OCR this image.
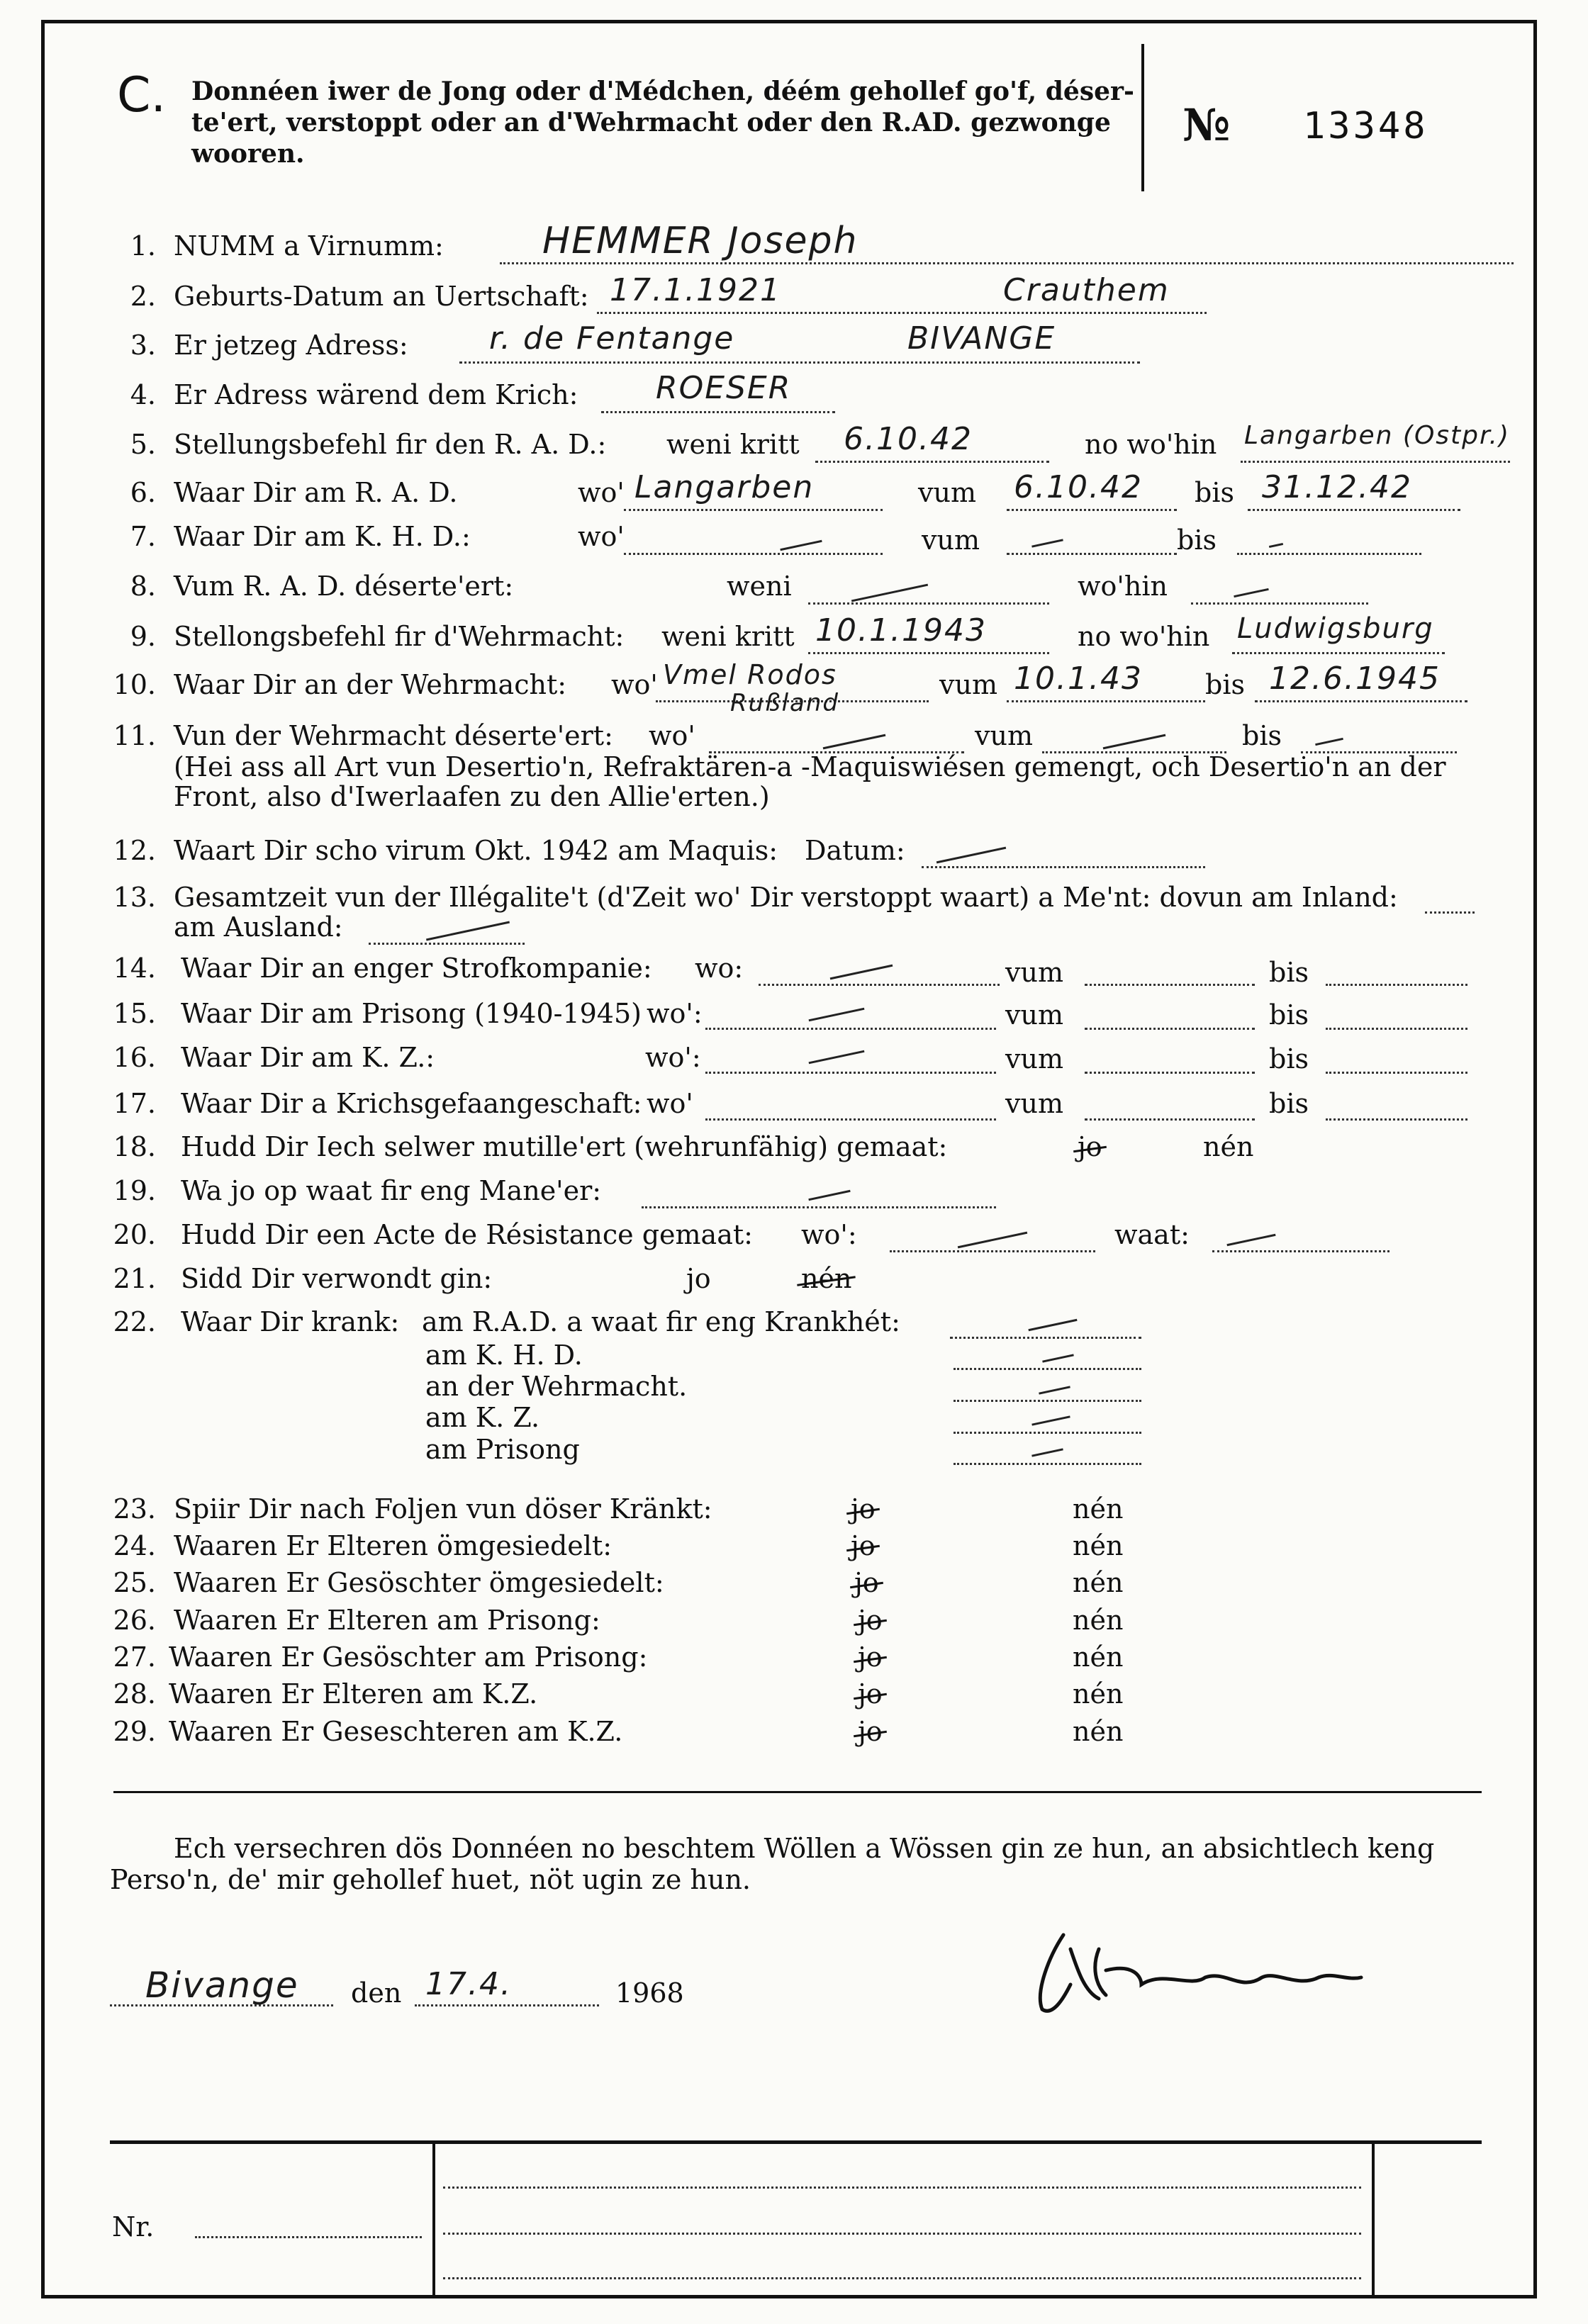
C. Donnéen iwer de Jong oder d'Médchen, déém gehollef go'f, déser-
te'ert, verstoppt oder an d'Wehrmacht oder den R.AD. gezwonge
wooren.
№ 13348
1. NUMM a Virnumm:	HEMMER Joseph
2. Geburts-Datum an Uertschaft: 17.1.1921	Crauthem
3. Er jetzeg Adress:	r. de Fentange	BIVANGE
4. Er Adress wärend dem Krich: ROESER
5. Stellungsbefehl fir den R. A. D.: weni kritt 6.10.42	no wo'hin Langarben (Ostpr.)
6. Waar Dir am R. A. D.	wo' Langarben	vum 6.10.42 bis 31.12.42
7. Waar Dir am K. H. D.:	wo'	vum	bis
8. Vum R. A. D. déserte'ert:	weni	wo'hin
9. Stellongsbefehl fir d'Wehrmacht: weni kritt 10.1.1943	no wo'hin Ludwigsburg
10. Waar Dir an der Wehrmacht: wo' Vmel Rodos
Rußland
vum 10.1.43 bis 12.6.1945
11. Vun der Wehrmacht déserte'ert: wo'	vum	bis
(Hei ass all Art vun Desertio'n, Refraktären-a -Maquiswiésen gemengt, och Desertio'n an der
Front, also d'Iwerlaafen zu den Allie'erten.)
12. Waart Dir scho virum Okt. 1942 am Maquis: Datum:
13. Gesamtzeit vun der Illégalite't (d'Zeit wo' Dir verstoppt waart) a Me'nt: dovun am Inland:
am Ausland:
14. Waar Dir an enger Strofkompanie: wo:	vum	bis
15. Waar Dir am Prisong (1940-1945) wo':	vum	bis
16. Waar Dir am K. Z.:	wo':	vum	bis
17. Waar Dir a Krichsgefaangeschaft: wo'	vum	bis
18. Hudd Dir Iech selwer mutille'ert (wehrunfähig) gemaat:	jo	nén
19. Wa jo op waat fir eng Mane'er:
20. Hudd Dir een Acte de Résistance gemaat: wo':	waat:
21. Sidd Dir verwondt gin:	jo	nén
22. Waar Dir krank: am R.A.D. a waat fir eng Krankhét:
am K. H. D.
an der Wehrmacht.
am K. Z.
am Prisong
23. Spiir Dir nach Foljen vun döser Kränkt:	jo	nén
24. Waaren Er Elteren ömgesiedelt:	jo	nén
25. Waaren Er Gesöschter ömgesiedelt:	jo	nén
26. Waaren Er Elteren am Prisong:	jo	nén
27. Waaren Er Gesöschter am Prisong:	jo	nén
28. Waaren Er Elteren am K.Z.	jo	nén
29. Waaren Er Geseschteren am K.Z.	jo	nén
Ech versechren dös Donnéen no beschtem Wöllen a Wössen gin ze hun, an absichtlech keng
Perso'n, de' mir gehollef huet, nöt ugin ze hun.
Bivange den 17.4.	1968
Nr.
